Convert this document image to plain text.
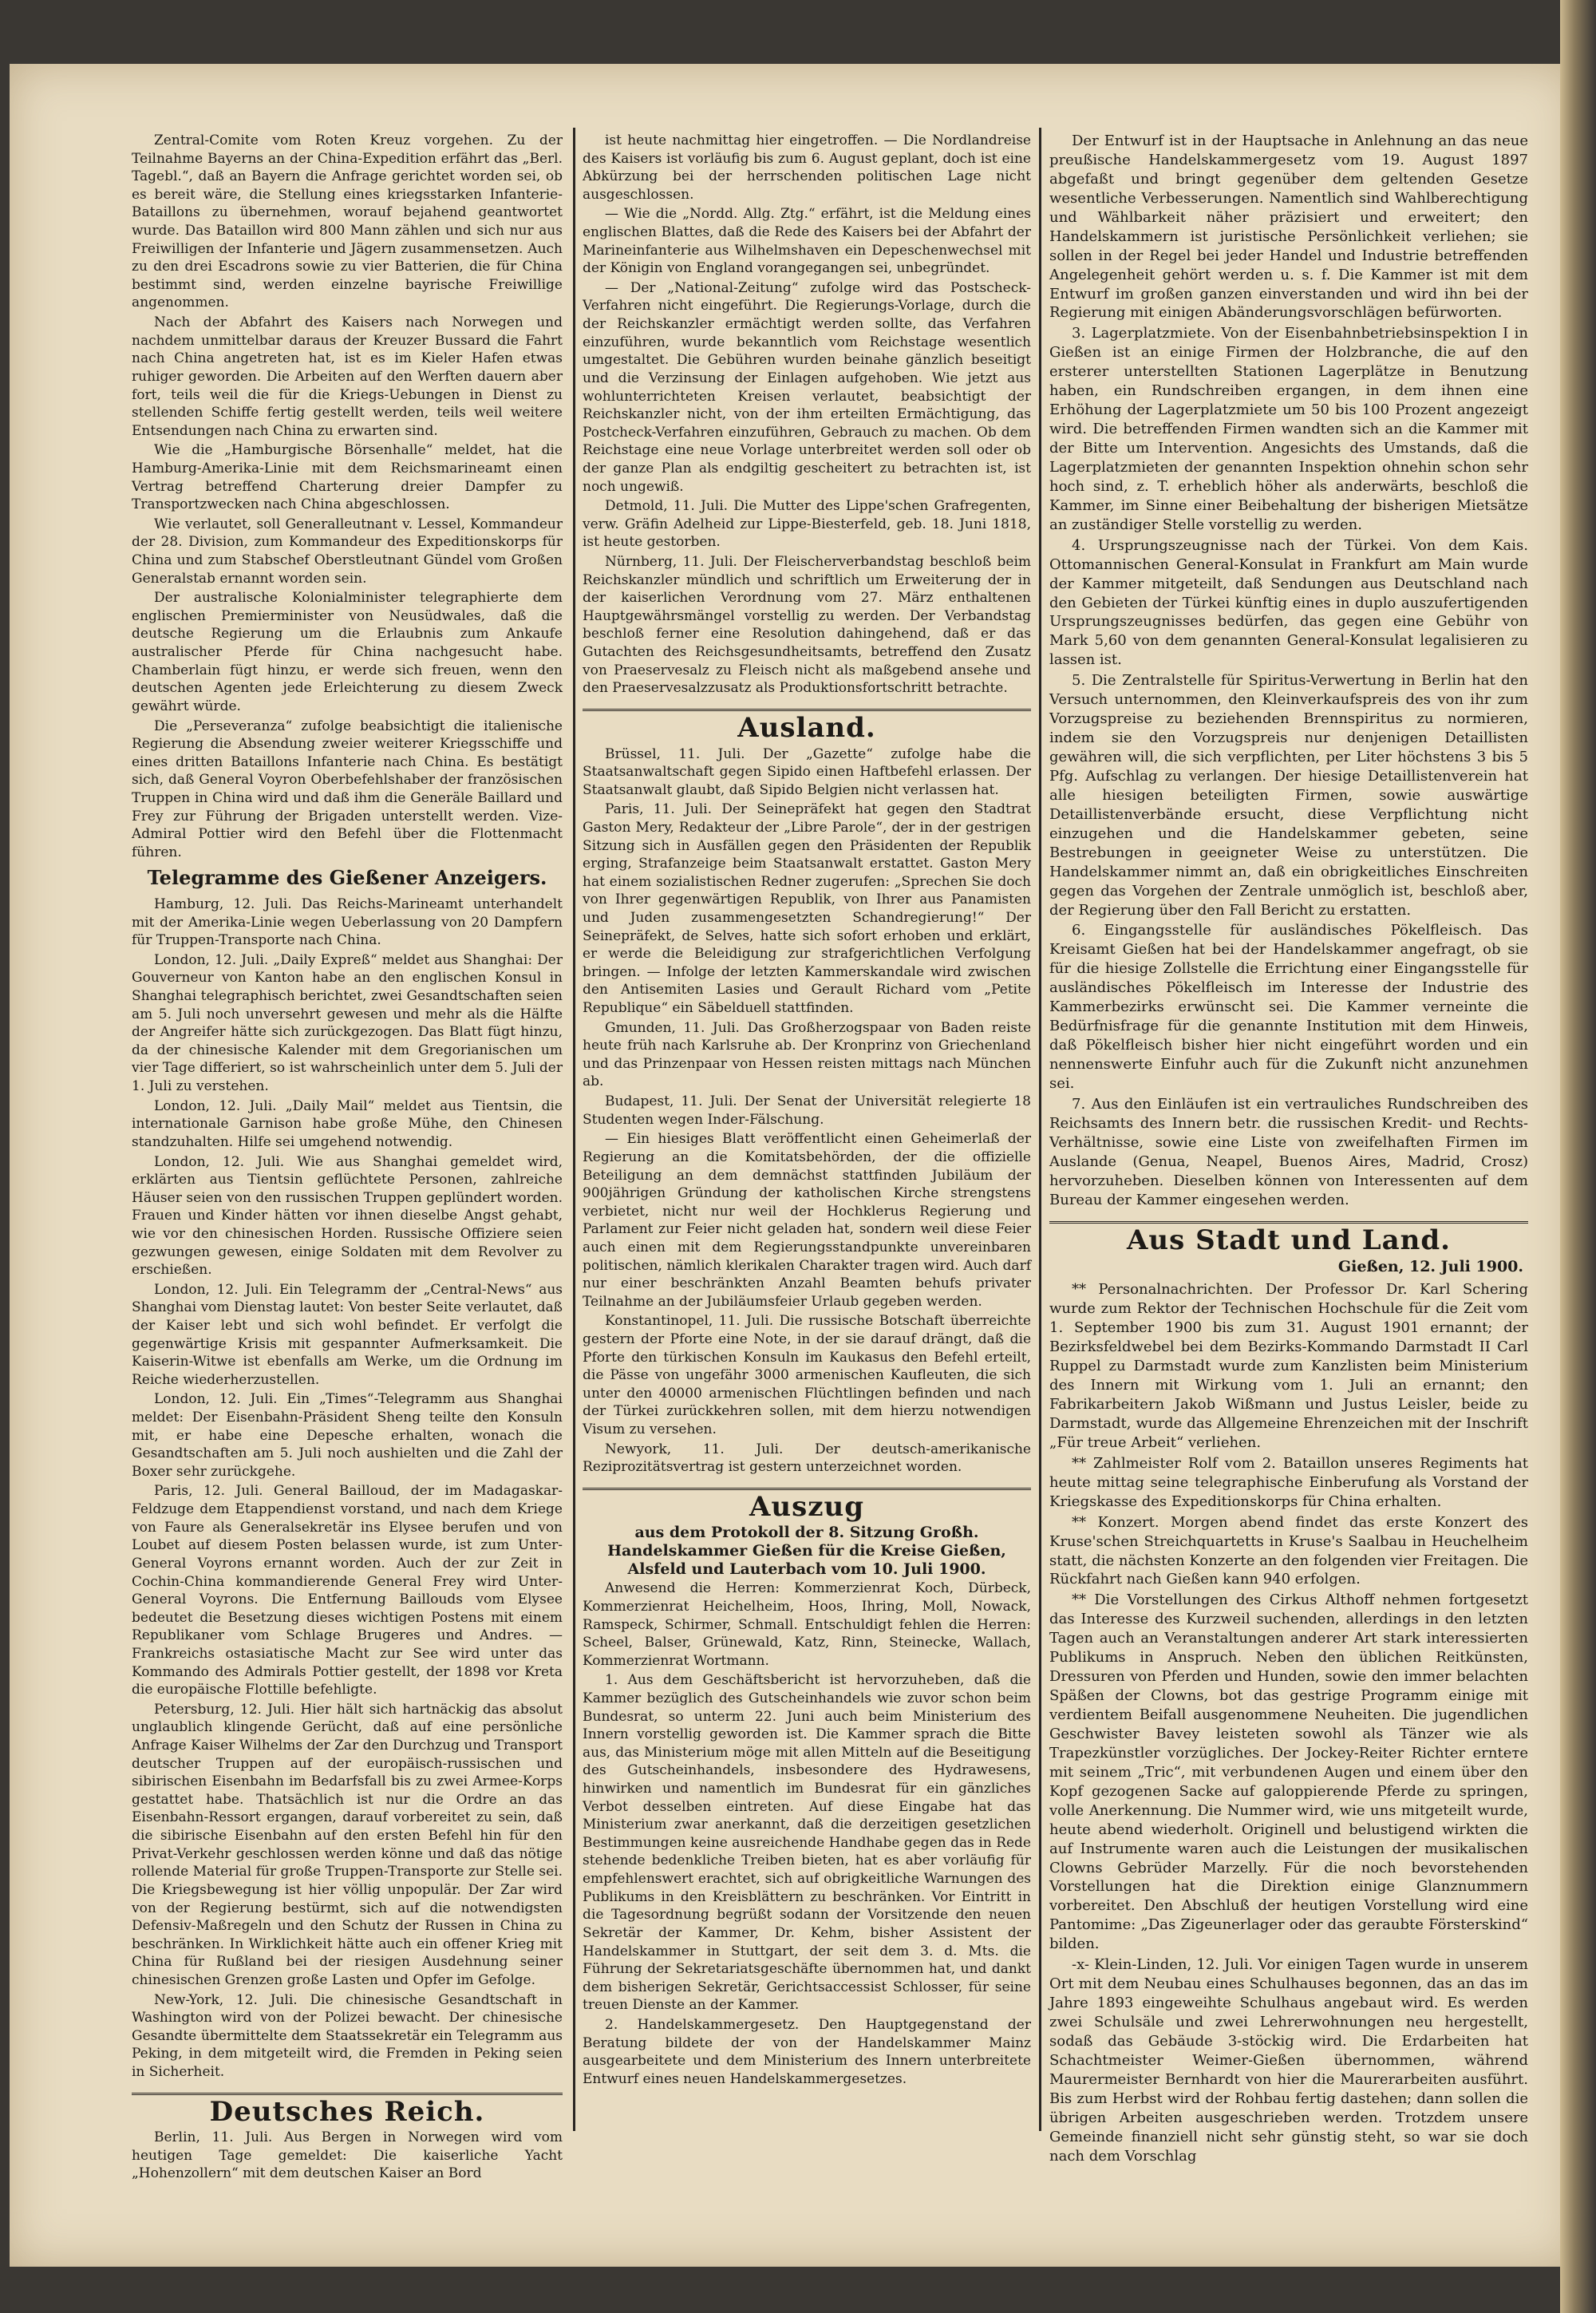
Zentral-Comite vom Roten Kreuz vorgehen. Zu der Teilnahme Bayerns an der China-Expedition erfährt das „Berl. Tagebl.“, daß an Bayern die Anfrage gerichtet worden sei, ob es bereit wäre, die Stellung eines kriegsstarken Infanterie-Bataillons zu übernehmen, worauf bejahend geantwortet wurde. Das Bataillon wird 800 Mann zählen und sich nur aus Freiwilligen der Infanterie und Jägern zusammensetzen. Auch zu den drei Escadrons sowie zu vier Batterien, die für China bestimmt sind, werden einzelne bayrische Freiwillige angenommen.

Nach der Abfahrt des Kaisers nach Norwegen und nachdem unmittelbar daraus der Kreuzer Bussard die Fahrt nach China angetreten hat, ist es im Kieler Hafen etwas ruhiger geworden. Die Arbeiten auf den Werften dauern aber fort, teils weil die für die Kriegs-Uebungen in Dienst zu stellenden Schiffe fertig gestellt werden, teils weil weitere Entsendungen nach China zu erwarten sind.

Wie die „Hamburgische Börsenhalle“ meldet, hat die Hamburg-Amerika-Linie mit dem Reichsmarineamt einen Vertrag betreffend Charterung dreier Dampfer zu Transportzwecken nach China abgeschlossen.

Wie verlautet, soll Generalleutnant v. Lessel, Kommandeur der 28. Division, zum Kommandeur des Expeditionskorps für China und zum Stabschef Oberstleutnant Gündel vom Großen Generalstab ernannt worden sein.

Der australische Kolonialminister telegraphierte dem englischen Premierminister von Neusüdwales, daß die deutsche Regierung um die Erlaubnis zum Ankaufe australischer Pferde für China nachgesucht habe. Chamberlain fügt hinzu, er werde sich freuen, wenn den deutschen Agenten jede Erleichterung zu diesem Zweck gewährt würde.

Die „Perseveranza“ zufolge beabsichtigt die italienische Regierung die Absendung zweier weiterer Kriegsschiffe und eines dritten Bataillons Infanterie nach China. Es bestätigt sich, daß General Voyron Oberbefehlshaber der französischen Truppen in China wird und daß ihm die Generäle Baillard und Frey zur Führung der Brigaden unterstellt werden. Vize-Admiral Pottier wird den Befehl über die Flottenmacht führen.

Telegramme des Gießener Anzeigers.

Hamburg, 12. Juli. Das Reichs-Marineamt unterhandelt mit der Amerika-Linie wegen Ueberlassung von 20 Dampfern für Truppen-Transporte nach China.

London, 12. Juli. „Daily Expreß“ meldet aus Shanghai: Der Gouverneur von Kanton habe an den englischen Konsul in Shanghai telegraphisch berichtet, zwei Gesandtschaften seien am 5. Juli noch unversehrt gewesen und mehr als die Hälfte der Angreifer hätte sich zurückgezogen. Das Blatt fügt hinzu, da der chinesische Kalender mit dem Gregorianischen um vier Tage differiert, so ist wahrscheinlich unter dem 5. Juli der 1. Juli zu verstehen.

London, 12. Juli. „Daily Mail“ meldet aus Tientsin, die internationale Garnison habe große Mühe, den Chinesen standzuhalten. Hilfe sei umgehend notwendig.

London, 12. Juli. Wie aus Shanghai gemeldet wird, erklärten aus Tientsin geflüchtete Personen, zahlreiche Häuser seien von den russischen Truppen geplündert worden. Frauen und Kinder hätten vor ihnen dieselbe Angst gehabt, wie vor den chinesischen Horden. Russische Offiziere seien gezwungen gewesen, einige Soldaten mit dem Revolver zu erschießen.

London, 12. Juli. Ein Telegramm der „Central-News“ aus Shanghai vom Dienstag lautet: Von bester Seite verlautet, daß der Kaiser lebt und sich wohl befindet. Er verfolgt die gegenwärtige Krisis mit gespannter Aufmerksamkeit. Die Kaiserin-Witwe ist ebenfalls am Werke, um die Ordnung im Reiche wiederherzustellen.

London, 12. Juli. Ein „Times“-Telegramm aus Shanghai meldet: Der Eisenbahn-Präsident Sheng teilte den Konsuln mit, er habe eine Depesche erhalten, wonach die Gesandtschaften am 5. Juli noch aushielten und die Zahl der Boxer sehr zurückgehe.

Paris, 12. Juli. General Bailloud, der im Madagaskar-Feldzuge dem Etappendienst vorstand, und nach dem Kriege von Faure als Generalsekretär ins Elysee berufen und von Loubet auf diesem Posten belassen wurde, ist zum Unter-General Voyrons ernannt worden. Auch der zur Zeit in Cochin-China kommandierende General Frey wird Unter-General Voyrons. Die Entfernung Baillouds vom Elysee bedeutet die Besetzung dieses wichtigen Postens mit einem Republikaner vom Schlage Brugeres und Andres. — Frankreichs ostasiatische Macht zur See wird unter das Kommando des Admirals Pottier gestellt, der 1898 vor Kreta die europäische Flottille befehligte.

Petersburg, 12. Juli. Hier hält sich hartnäckig das absolut unglaublich klingende Gerücht, daß auf eine persönliche Anfrage Kaiser Wilhelms der Zar den Durchzug und Transport deutscher Truppen auf der europäisch-russischen und sibirischen Eisenbahn im Bedarfsfall bis zu zwei Armee-Korps gestattet habe. Thatsächlich ist nur die Ordre an das Eisenbahn-Ressort ergangen, darauf vorbereitet zu sein, daß die sibirische Eisenbahn auf den ersten Befehl hin für den Privat-Verkehr geschlossen werden könne und daß das nötige rollende Material für große Truppen-Transporte zur Stelle sei. Die Kriegsbewegung ist hier völlig unpopulär. Der Zar wird von der Regierung bestürmt, sich auf die notwendigsten Defensiv-Maßregeln und den Schutz der Russen in China zu beschränken. In Wirklichkeit hätte auch ein offener Krieg mit China für Rußland bei der riesigen Ausdehnung seiner chinesischen Grenzen große Lasten und Opfer im Gefolge.

New-York, 12. Juli. Die chinesische Gesandtschaft in Washington wird von der Polizei bewacht. Der chinesische Gesandte übermittelte dem Staatssekretär ein Telegramm aus Peking, in dem mitgeteilt wird, die Fremden in Peking seien in Sicherheit.

Deutsches Reich.

Berlin, 11. Juli. Aus Bergen in Norwegen wird vom heutigen Tage gemeldet: Die kaiserliche Yacht „Hohenzollern“ mit dem deutschen Kaiser an Bord

ist heute nachmittag hier eingetroffen. — Die Nordlandreise des Kaisers ist vorläufig bis zum 6. August geplant, doch ist eine Abkürzung bei der herrschenden politischen Lage nicht ausgeschlossen.

— Wie die „Nordd. Allg. Ztg.“ erfährt, ist die Meldung eines englischen Blattes, daß die Rede des Kaisers bei der Abfahrt der Marineinfanterie aus Wilhelmshaven ein Depeschenwechsel mit der Königin von England vorangegangen sei, unbegründet.

— Der „National-Zeitung“ zufolge wird das Postscheck-Verfahren nicht eingeführt. Die Regierungs-Vorlage, durch die der Reichskanzler ermächtigt werden sollte, das Verfahren einzuführen, wurde bekanntlich vom Reichstage wesentlich umgestaltet. Die Gebühren wurden beinahe gänzlich beseitigt und die Verzinsung der Einlagen aufgehoben. Wie jetzt aus wohlunterrichteten Kreisen verlautet, beabsichtigt der Reichskanzler nicht, von der ihm erteilten Ermächtigung, das Postcheck-Verfahren einzuführen, Gebrauch zu machen. Ob dem Reichstage eine neue Vorlage unterbreitet werden soll oder ob der ganze Plan als endgiltig gescheitert zu betrachten ist, ist noch ungewiß.

Detmold, 11. Juli. Die Mutter des Lippe'schen Grafregenten, verw. Gräfin Adelheid zur Lippe-Biesterfeld, geb. 18. Juni 1818, ist heute gestorben.

Nürnberg, 11. Juli. Der Fleischerverbandstag beschloß beim Reichskanzler mündlich und schriftlich um Erweiterung der in der kaiserlichen Verordnung vom 27. März enthaltenen Hauptgewährsmängel vorstellig zu werden. Der Verbandstag beschloß ferner eine Resolution dahingehend, daß er das Gutachten des Reichsgesundheitsamts, betreffend den Zusatz von Praeservesalz zu Fleisch nicht als maßgebend ansehe und den Praeservesalzzusatz als Produktionsfortschritt betrachte.

Ausland.

Brüssel, 11. Juli. Der „Gazette“ zufolge habe die Staatsanwaltschaft gegen Sipido einen Haftbefehl erlassen. Der Staatsanwalt glaubt, daß Sipido Belgien nicht verlassen hat.

Paris, 11. Juli. Der Seinepräfekt hat gegen den Stadtrat Gaston Mery, Redakteur der „Libre Parole“, der in der gestrigen Sitzung sich in Ausfällen gegen den Präsidenten der Republik erging, Strafanzeige beim Staatsanwalt erstattet. Gaston Mery hat einem sozialistischen Redner zugerufen: „Sprechen Sie doch von Ihrer gegenwärtigen Republik, von Ihrer aus Panamisten und Juden zusammengesetzten Schandregierung!“ Der Seinepräfekt, de Selves, hatte sich sofort erhoben und erklärt, er werde die Beleidigung zur strafgerichtlichen Verfolgung bringen. — Infolge der letzten Kammerskandale wird zwischen den Antisemiten Lasies und Gerault Richard vom „Petite Republique“ ein Säbelduell stattfinden.

Gmunden, 11. Juli. Das Großherzogspaar von Baden reiste heute früh nach Karlsruhe ab. Der Kronprinz von Griechenland und das Prinzenpaar von Hessen reisten mittags nach München ab.

Budapest, 11. Juli. Der Senat der Universität relegierte 18 Studenten wegen Inder-Fälschung.

— Ein hiesiges Blatt veröffentlicht einen Geheimerlaß der Regierung an die Komitatsbehörden, der die offizielle Beteiligung an dem demnächst stattfinden Jubiläum der 900jährigen Gründung der katholischen Kirche strengstens verbietet, nicht nur weil der Hochklerus Regierung und Parlament zur Feier nicht geladen hat, sondern weil diese Feier auch einen mit dem Regierungsstandpunkte unvereinbaren politischen, nämlich klerikalen Charakter tragen wird. Auch darf nur einer beschränkten Anzahl Beamten behufs privater Teilnahme an der Jubiläumsfeier Urlaub gegeben werden.

Konstantinopel, 11. Juli. Die russische Botschaft überreichte gestern der Pforte eine Note, in der sie darauf drängt, daß die Pforte den türkischen Konsuln im Kaukasus den Befehl erteilt, die Pässe von ungefähr 3000 armenischen Kaufleuten, die sich unter den 40000 armenischen Flüchtlingen befinden und nach der Türkei zurückkehren sollen, mit dem hierzu notwendigen Visum zu versehen.

Newyork, 11. Juli. Der deutsch-amerikanische Reziprozitätsvertrag ist gestern unterzeichnet worden.

Auszug

aus dem Protokoll der 8. Sitzung Großh. Handelskammer Gießen für die Kreise Gießen, Alsfeld und Lauterbach vom 10. Juli 1900.

Anwesend die Herren: Kommerzienrat Koch, Dürbeck, Kommerzienrat Heichelheim, Hoos, Ihring, Moll, Nowack, Ramspeck, Schirmer, Schmall. Entschuldigt fehlen die Herren: Scheel, Balser, Grünewald, Katz, Rinn, Steinecke, Wallach, Kommerzienrat Wortmann.

1. Aus dem Geschäftsbericht ist hervorzuheben, daß die Kammer bezüglich des Gutscheinhandels wie zuvor schon beim Bundesrat, so unterm 22. Juni auch beim Ministerium des Innern vorstellig geworden ist. Die Kammer sprach die Bitte aus, das Ministerium möge mit allen Mitteln auf die Beseitigung des Gutscheinhandels, insbesondere des Hydrawesens, hinwirken und namentlich im Bundesrat für ein gänzliches Verbot desselben eintreten. Auf diese Eingabe hat das Ministerium zwar anerkannt, daß die derzeitigen gesetzlichen Bestimmungen keine ausreichende Handhabe gegen das in Rede stehende bedenkliche Treiben bieten, hat es aber vorläufig für empfehlenswert erachtet, sich auf obrigkeitliche Warnungen des Publikums in den Kreisblättern zu beschränken. Vor Eintritt in die Tagesordnung begrüßt sodann der Vorsitzende den neuen Sekretär der Kammer, Dr. Kehm, bisher Assistent der Handelskammer in Stuttgart, der seit dem 3. d. Mts. die Führung der Sekretariatsgeschäfte übernommen hat, und dankt dem bisherigen Sekretär, Gerichtsaccessist Schlosser, für seine treuen Dienste an der Kammer.

2. Handelskammergesetz. Den Hauptgegenstand der Beratung bildete der von der Handelskammer Mainz ausgearbeitete und dem Ministerium des Innern unterbreitete Entwurf eines neuen Handelskammergesetzes.

Der Entwurf ist in der Hauptsache in Anlehnung an das neue preußische Handelskammergesetz vom 19. August 1897 abgefaßt und bringt gegenüber dem geltenden Gesetze wesentliche Verbesserungen. Namentlich sind Wahlberechtigung und Wählbarkeit näher präzisiert und erweitert; den Handelskammern ist juristische Persönlichkeit verliehen; sie sollen in der Regel bei jeder Handel und Industrie betreffenden Angelegenheit gehört werden u. s. f. Die Kammer ist mit dem Entwurf im großen ganzen einverstanden und wird ihn bei der Regierung mit einigen Abänderungsvorschlägen befürworten.

3. Lagerplatzmiete. Von der Eisenbahnbetriebsinspektion I in Gießen ist an einige Firmen der Holzbranche, die auf den ersterer unterstellten Stationen Lagerplätze in Benutzung haben, ein Rundschreiben ergangen, in dem ihnen eine Erhöhung der Lagerplatzmiete um 50 bis 100 Prozent angezeigt wird. Die betreffenden Firmen wandten sich an die Kammer mit der Bitte um Intervention. Angesichts des Umstands, daß die Lagerplatzmieten der genannten Inspektion ohnehin schon sehr hoch sind, z. T. erheblich höher als anderwärts, beschloß die Kammer, im Sinne einer Beibehaltung der bisherigen Mietsätze an zuständiger Stelle vorstellig zu werden.

4. Ursprungszeugnisse nach der Türkei. Von dem Kais. Ottomannischen General-Konsulat in Frankfurt am Main wurde der Kammer mitgeteilt, daß Sendungen aus Deutschland nach den Gebieten der Türkei künftig eines in duplo auszufertigenden Ursprungszeugnisses bedürfen, das gegen eine Gebühr von Mark 5,60 von dem genannten General-Konsulat legalisieren zu lassen ist.

5. Die Zentralstelle für Spiritus-Verwertung in Berlin hat den Versuch unternommen, den Kleinverkaufspreis des von ihr zum Vorzugspreise zu beziehenden Brennspiritus zu normieren, indem sie den Vorzugspreis nur denjenigen Detaillisten gewähren will, die sich verpflichten, per Liter höchstens 3 bis 5 Pfg. Aufschlag zu verlangen. Der hiesige Detaillistenverein hat alle hiesigen beteiligten Firmen, sowie auswärtige Detaillistenverbände ersucht, diese Verpflichtung nicht einzugehen und die Handelskammer gebeten, seine Bestrebungen in geeigneter Weise zu unterstützen. Die Handelskammer nimmt an, daß ein obrigkeitliches Einschreiten gegen das Vorgehen der Zentrale unmöglich ist, beschloß aber, der Regierung über den Fall Bericht zu erstatten.

6. Eingangsstelle für ausländisches Pökelfleisch. Das Kreisamt Gießen hat bei der Handelskammer angefragt, ob sie für die hiesige Zollstelle die Errichtung einer Eingangsstelle für ausländisches Pökelfleisch im Interesse der Industrie des Kammerbezirks erwünscht sei. Die Kammer verneinte die Bedürfnisfrage für die genannte Institution mit dem Hinweis, daß Pökelfleisch bisher hier nicht eingeführt worden und ein nennenswerte Einfuhr auch für die Zukunft nicht anzunehmen sei.

7. Aus den Einläufen ist ein vertrauliches Rundschreiben des Reichsamts des Innern betr. die russischen Kredit- und Rechts-Verhältnisse, sowie eine Liste von zweifelhaften Firmen im Auslande (Genua, Neapel, Buenos Aires, Madrid, Crosz) hervorzuheben. Dieselben können von Interessenten auf dem Bureau der Kammer eingesehen werden.

Aus Stadt und Land.
Gießen, 12. Juli 1900.

** Personalnachrichten. Der Professor Dr. Karl Schering wurde zum Rektor der Technischen Hochschule für die Zeit vom 1. September 1900 bis zum 31. August 1901 ernannt; der Bezirksfeldwebel bei dem Bezirks-Kommando Darmstadt II Carl Ruppel zu Darmstadt wurde zum Kanzlisten beim Ministerium des Innern mit Wirkung vom 1. Juli an ernannt; den Fabrikarbeitern Jakob Wißmann und Justus Leisler, beide zu Darmstadt, wurde das Allgemeine Ehrenzeichen mit der Inschrift „Für treue Arbeit“ verliehen.

** Zahlmeister Rolf vom 2. Bataillon unseres Regiments hat heute mittag seine telegraphische Einberufung als Vorstand der Kriegskasse des Expeditionskorps für China erhalten.

** Konzert. Morgen abend findet das erste Konzert des Kruse'schen Streichquartetts in Kruse's Saalbau in Heuchelheim statt, die nächsten Konzerte an den folgenden vier Freitagen. Die Rückfahrt nach Gießen kann 940 erfolgen.

** Die Vorstellungen des Cirkus Althoff nehmen fortgesetzt das Interesse des Kurzweil suchenden, allerdings in den letzten Tagen auch an Veranstaltungen anderer Art stark interessierten Publikums in Anspruch. Neben den üblichen Reitkünsten, Dressuren von Pferden und Hunden, sowie den immer belachten Späßen der Clowns, bot das gestrige Programm einige mit verdientem Beifall ausgenommene Neuheiten. Die jugendlichen Geschwister Bavey leisteten sowohl als Tänzer wie als Trapezkünstler vorzügliches. Der Jockey-Reiter Richter ernteте mit seinem „Tric“, mit verbundenen Augen und einem über den Kopf gezogenen Sacke auf galoppierende Pferde zu springen, volle Anerkennung. Die Nummer wird, wie uns mitgeteilt wurde, heute abend wiederholt. Originell und belustigend wirkten die auf Instrumente waren auch die Leistungen der musikalischen Clowns Gebrüder Marzelly. Für die noch bevorstehenden Vorstellungen hat die Direktion einige Glanznummern vorbereitet. Den Abschluß der heutigen Vorstellung wird eine Pantomime: „Das Zigeunerlager oder das geraubte Försterskind“ bilden.

-x- Klein-Linden, 12. Juli. Vor einigen Tagen wurde in unserem Ort mit dem Neubau eines Schulhauses begonnen, das an das im Jahre 1893 eingeweihte Schulhaus angebaut wird. Es werden zwei Schulsäle und zwei Lehrerwohnungen neu hergestellt, sodaß das Gebäude 3-stöckig wird. Die Erdarbeiten hat Schachtmeister Weimer-Gießen übernommen, während Maurermeister Bernhardt von hier die Maurerarbeiten ausführt. Bis zum Herbst wird der Rohbau fertig dastehen; dann sollen die übrigen Arbeiten ausgeschrieben werden. Trotzdem unsere Gemeinde finanziell nicht sehr günstig steht, so war sie doch nach dem Vorschlag
